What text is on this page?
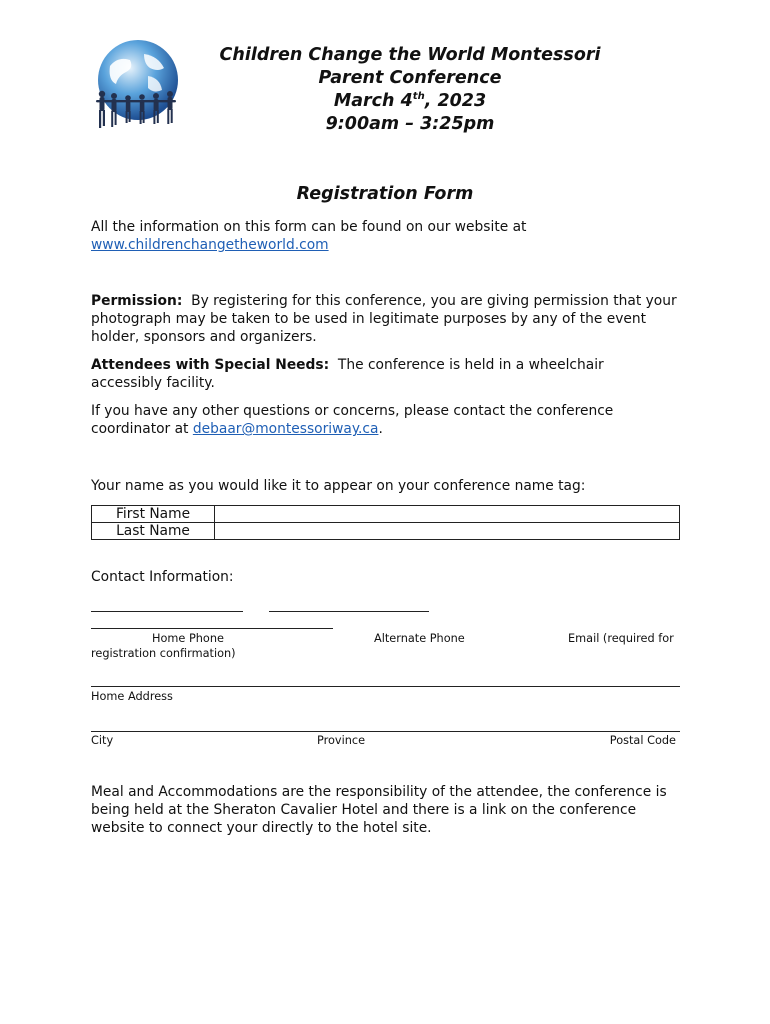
Children Change the World Montessori
Parent Conference
March 4th, 2023
9:00am – 3:25pm
Registration Form
All the information on this form can be found on our website at
www.childrenchangetheworld.com
Permission: By registering for this conference, you are giving permission that your photograph may be taken to be used in legitimate purposes by any of the event holder, sponsors and organizers.
Attendees with Special Needs: The conference is held in a wheelchair accessibly facility.
If you have any other questions or concerns, please contact the conference coordinator at debaar@montessoriway.ca.
Your name as you would like it to appear on your conference name tag:
First Name	
Last Name	
Contact Information:
Home Phone	Alternate Phone	Email (required for
registration confirmation)
Home Address
City	Province	Postal Code
Meal and Accommodations are the responsibility of the attendee, the conference is being held at the Sheraton Cavalier Hotel and there is a link on the conference website to connect your directly to the hotel site.
